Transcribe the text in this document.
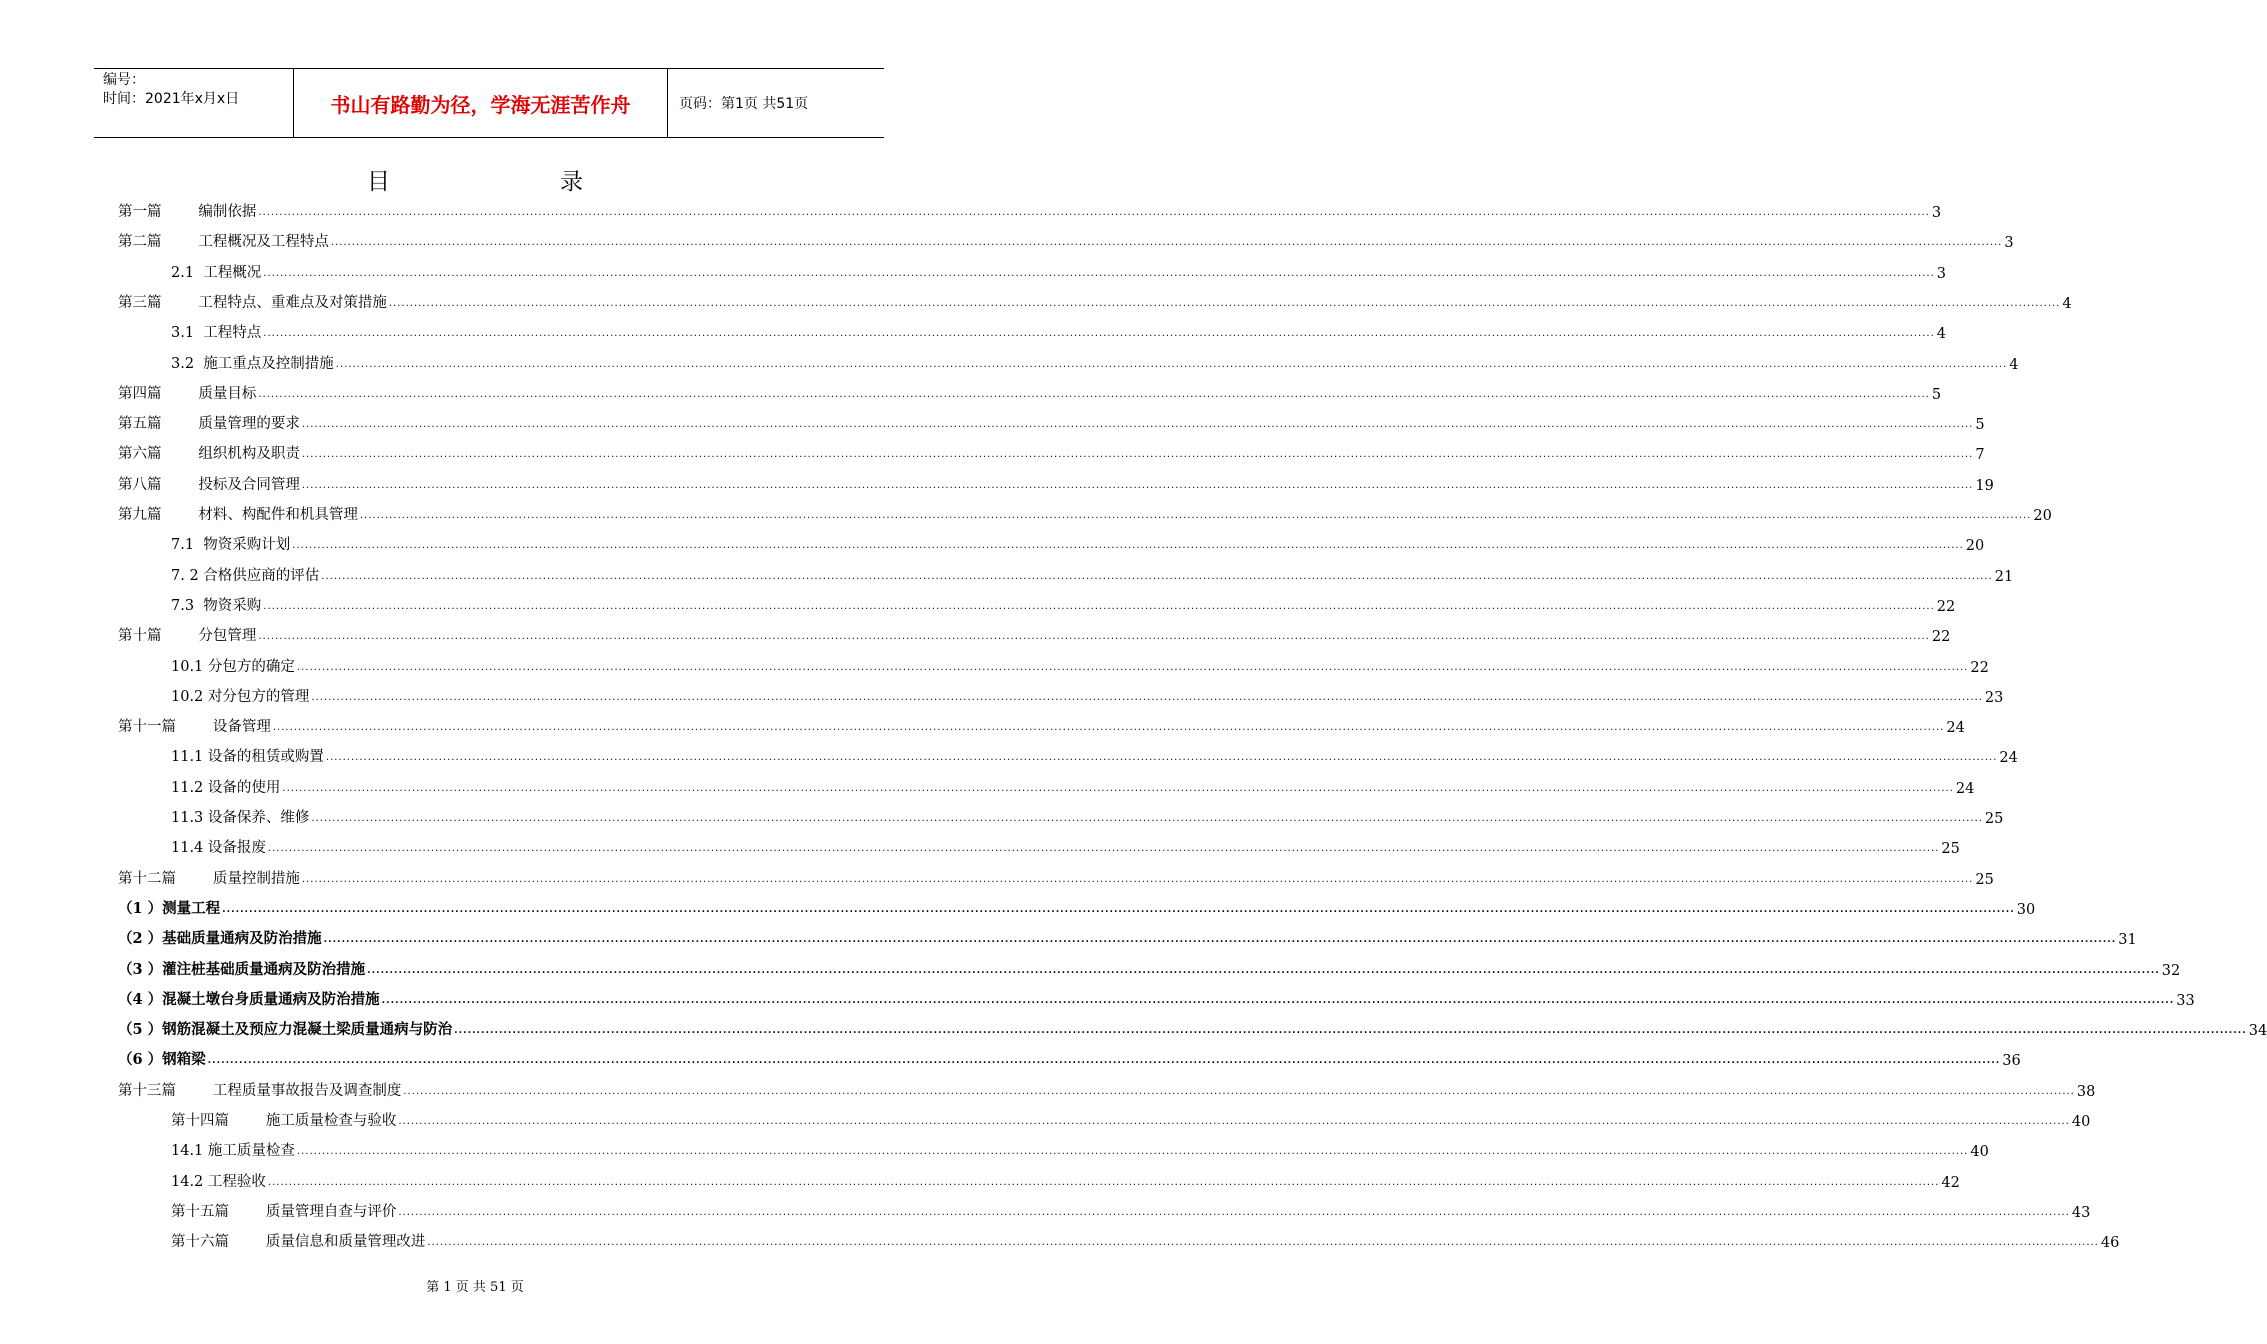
编号：
时间：2021年x月x日	书山有路勤为径，学海无涯苦作舟	页码：第1页 共51页
目录
第一篇        编制依据 ................................................................................................................................................................................................................................................................................................................................................................................................................ 3
第二篇        工程概况及工程特点 ................................................................................................................................................................................................................................................................................................................................................................................................................ 3
2.1  工程概况 ................................................................................................................................................................................................................................................................................................................................................................................................................ 3
第三篇        工程特点、重难点及对策措施 ................................................................................................................................................................................................................................................................................................................................................................................................................ 4
3.1  工程特点 ................................................................................................................................................................................................................................................................................................................................................................................................................ 4
3.2  施工重点及控制措施 ................................................................................................................................................................................................................................................................................................................................................................................................................ 4
第四篇        质量目标 ................................................................................................................................................................................................................................................................................................................................................................................................................ 5
第五篇        质量管理的要求 ................................................................................................................................................................................................................................................................................................................................................................................................................ 5
第六篇        组织机构及职责 ................................................................................................................................................................................................................................................................................................................................................................................................................ 7
第八篇        投标及合同管理 ................................................................................................................................................................................................................................................................................................................................................................................................................ 19
第九篇        材料、构配件和机具管理 ................................................................................................................................................................................................................................................................................................................................................................................................................ 20
7.1  物资采购计划 ................................................................................................................................................................................................................................................................................................................................................................................................................ 20
7. 2 合格供应商的评估 ................................................................................................................................................................................................................................................................................................................................................................................................................ 21
7.3  物资采购 ................................................................................................................................................................................................................................................................................................................................................................................................................ 22
第十篇        分包管理 ................................................................................................................................................................................................................................................................................................................................................................................................................ 22
10.1 分包方的确定 ................................................................................................................................................................................................................................................................................................................................................................................................................ 22
10.2 对分包方的管理 ................................................................................................................................................................................................................................................................................................................................................................................................................ 23
第十一篇        设备管理 ................................................................................................................................................................................................................................................................................................................................................................................................................ 24
11.1 设备的租赁或购置 ................................................................................................................................................................................................................................................................................................................................................................................................................ 24
11.2 设备的使用 ................................................................................................................................................................................................................................................................................................................................................................................................................ 24
11.3 设备保养、维修 ................................................................................................................................................................................................................................................................................................................................................................................................................ 25
11.4 设备报废 ................................................................................................................................................................................................................................................................................................................................................................................................................ 25
第十二篇        质量控制措施 ................................................................................................................................................................................................................................................................................................................................................................................................................ 25
（1 ）测量工程 ................................................................................................................................................................................................................................................................................................................................................................................................................ 30
（2 ）基础质量通病及防治措施 ................................................................................................................................................................................................................................................................................................................................................................................................................ 31
（3 ）灌注桩基础质量通病及防治措施 ................................................................................................................................................................................................................................................................................................................................................................................................................ 32
（4 ）混凝土墩台身质量通病及防治措施 ................................................................................................................................................................................................................................................................................................................................................................................................................ 33
（5 ）钢筋混凝土及预应力混凝土梁质量通病与防治 ................................................................................................................................................................................................................................................................................................................................................................................................................ 34
（6 ）钢箱梁 ................................................................................................................................................................................................................................................................................................................................................................................................................ 36
第十三篇        工程质量事故报告及调查制度 ................................................................................................................................................................................................................................................................................................................................................................................................................ 38
第十四篇        施工质量检查与验收 ................................................................................................................................................................................................................................................................................................................................................................................................................ 40
14.1 施工质量检查 ................................................................................................................................................................................................................................................................................................................................................................................................................ 40
14.2 工程验收 ................................................................................................................................................................................................................................................................................................................................................................................................................ 42
第十五篇        质量管理自查与评价 ................................................................................................................................................................................................................................................................................................................................................................................................................ 43
第十六篇        质量信息和质量管理改进 ................................................................................................................................................................................................................................................................................................................................................................................................................ 46
第 1 页 共 51 页
